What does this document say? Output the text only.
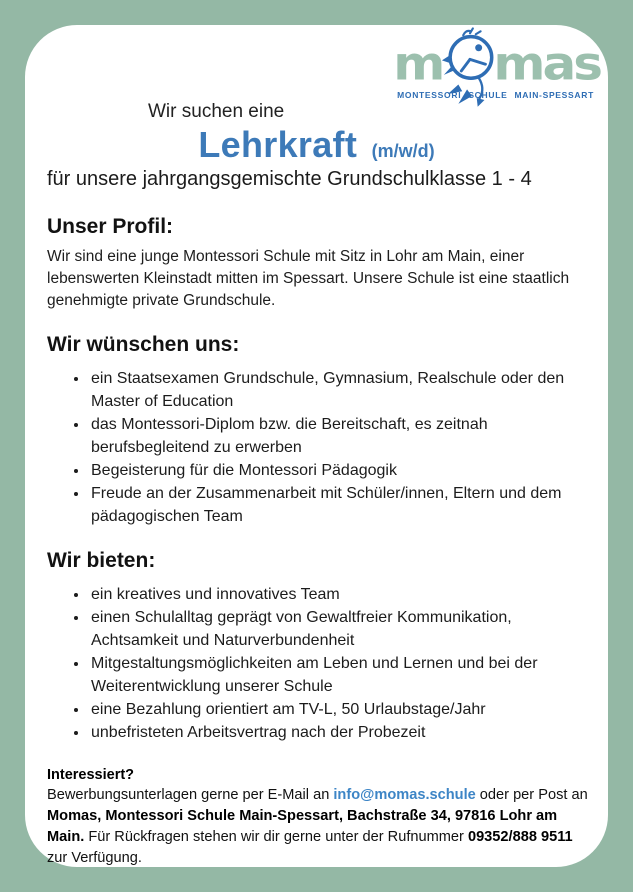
m mas
MONTESSORI SCHULE MAIN-SPESSART
Wir suchen eine
Lehrkraft (m/w/d)
für unsere jahrgangsgemischte Grundschulklasse 1 - 4
Unser Profil:

Wir sind eine junge Montessori Schule mit Sitz in Lohr am Main, einer lebenswerten Kleinstadt mitten im Spessart. Unsere Schule ist eine staatlich genehmigte private Grundschule.

Wir wünschen uns:
• ein Staatsexamen Grundschule, Gymnasium, Realschule oder den Master of Education
• das Montessori-Diplom bzw. die Bereitschaft, es zeitnah berufsbegleitend zu erwerben
• Begeisterung für die Montessori Pädagogik
• Freude an der Zusammenarbeit mit Schüler/innen, Eltern und dem pädagogischen Team
Wir bieten:
• ein kreatives und innovatives Team
• einen Schulalltag geprägt von Gewaltfreier Kommunikation, Achtsamkeit und Naturverbundenheit
• Mitgestaltungsmöglichkeiten am Leben und Lernen und bei der Weiterentwicklung unserer Schule
• eine Bezahlung orientiert am TV-L, 50 Urlaubstage/Jahr
• unbefristeten Arbeitsvertrag nach der Probezeit
Interessiert?

Bewerbungsunterlagen gerne per E-Mail an info@momas.schule oder per Post an Momas, Montessori Schule Main-Spessart, Bachstraße 34, 97816 Lohr am Main. Für Rückfragen stehen wir dir gerne unter der Rufnummer 09352/888 9511 zur Verfügung.
